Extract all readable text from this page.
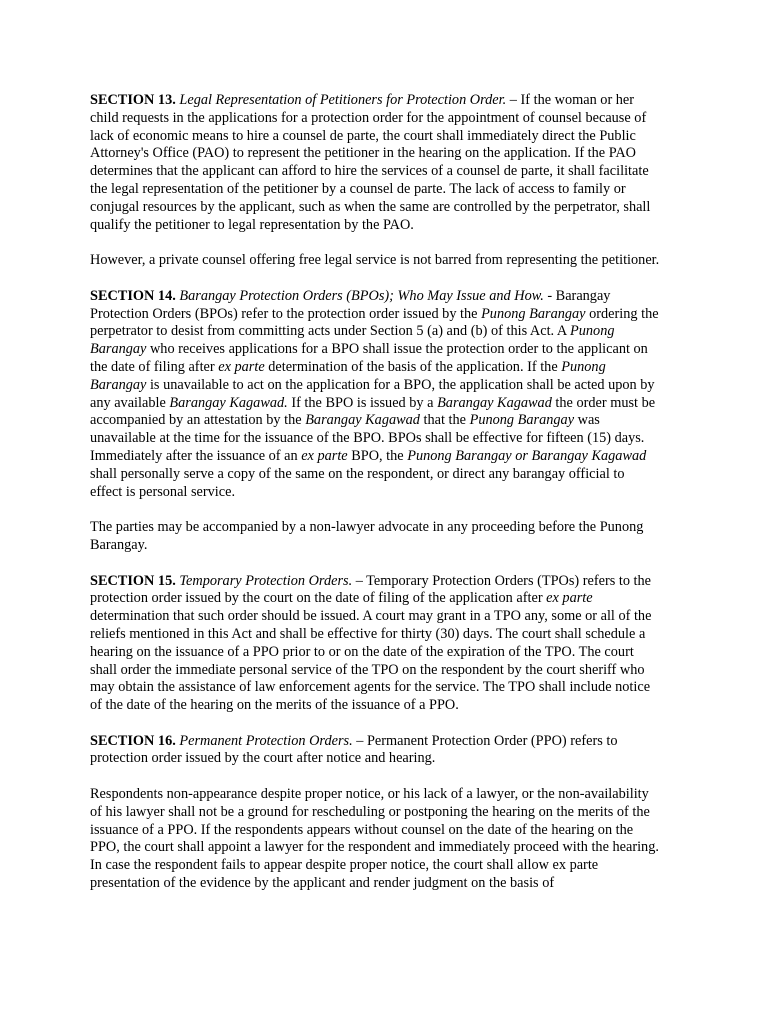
SECTION 13. Legal Representation of Petitioners for Protection Order. – If the woman or her child requests in the applications for a protection order for the appointment of counsel because of lack of economic means to hire a counsel de parte, the court shall immediately direct the Public Attorney's Office (PAO) to represent the petitioner in the hearing on the application. If the PAO determines that the applicant can afford to hire the services of a counsel de parte, it shall facilitate the legal representation of the petitioner by a counsel de parte. The lack of access to family or conjugal resources by the applicant, such as when the same are controlled by the perpetrator, shall qualify the petitioner to legal representation by the PAO.

However, a private counsel offering free legal service is not barred from representing the petitioner.

SECTION 14. Barangay Protection Orders (BPOs); Who May Issue and How. - Barangay Protection Orders (BPOs) refer to the protection order issued by the Punong Barangay ordering the perpetrator to desist from committing acts under Section 5 (a) and (b) of this Act. A Punong Barangay who receives applications for a BPO shall issue the protection order to the applicant on the date of filing after ex parte determination of the basis of the application. If the Punong Barangay is unavailable to act on the application for a BPO, the application shall be acted upon by any available Barangay Kagawad. If the BPO is issued by a Barangay Kagawad the order must be accompanied by an attestation by the Barangay Kagawad that the Punong Barangay was unavailable at the time for the issuance of the BPO. BPOs shall be effective for fifteen (15) days. Immediately after the issuance of an ex parte BPO, the Punong Barangay or Barangay Kagawad shall personally serve a copy of the same on the respondent, or direct any barangay official to effect is personal service.

The parties may be accompanied by a non-lawyer advocate in any proceeding before the Punong Barangay.

SECTION 15. Temporary Protection Orders. – Temporary Protection Orders (TPOs) refers to the protection order issued by the court on the date of filing of the application after ex parte determination that such order should be issued. A court may grant in a TPO any, some or all of the reliefs mentioned in this Act and shall be effective for thirty (30) days. The court shall schedule a hearing on the issuance of a PPO prior to or on the date of the expiration of the TPO. The court shall order the immediate personal service of the TPO on the respondent by the court sheriff who may obtain the assistance of law enforcement agents for the service. The TPO shall include notice of the date of the hearing on the merits of the issuance of a PPO.

SECTION 16. Permanent Protection Orders. – Permanent Protection Order (PPO) refers to protection order issued by the court after notice and hearing.

Respondents non-appearance despite proper notice, or his lack of a lawyer, or the non-availability of his lawyer shall not be a ground for rescheduling or postponing the hearing on the merits of the issuance of a PPO. If the respondents appears without counsel on the date of the hearing on the PPO, the court shall appoint a lawyer for the respondent and immediately proceed with the hearing. In case the respondent fails to appear despite proper notice, the court shall allow ex parte presentation of the evidence by the applicant and render judgment on the basis of
